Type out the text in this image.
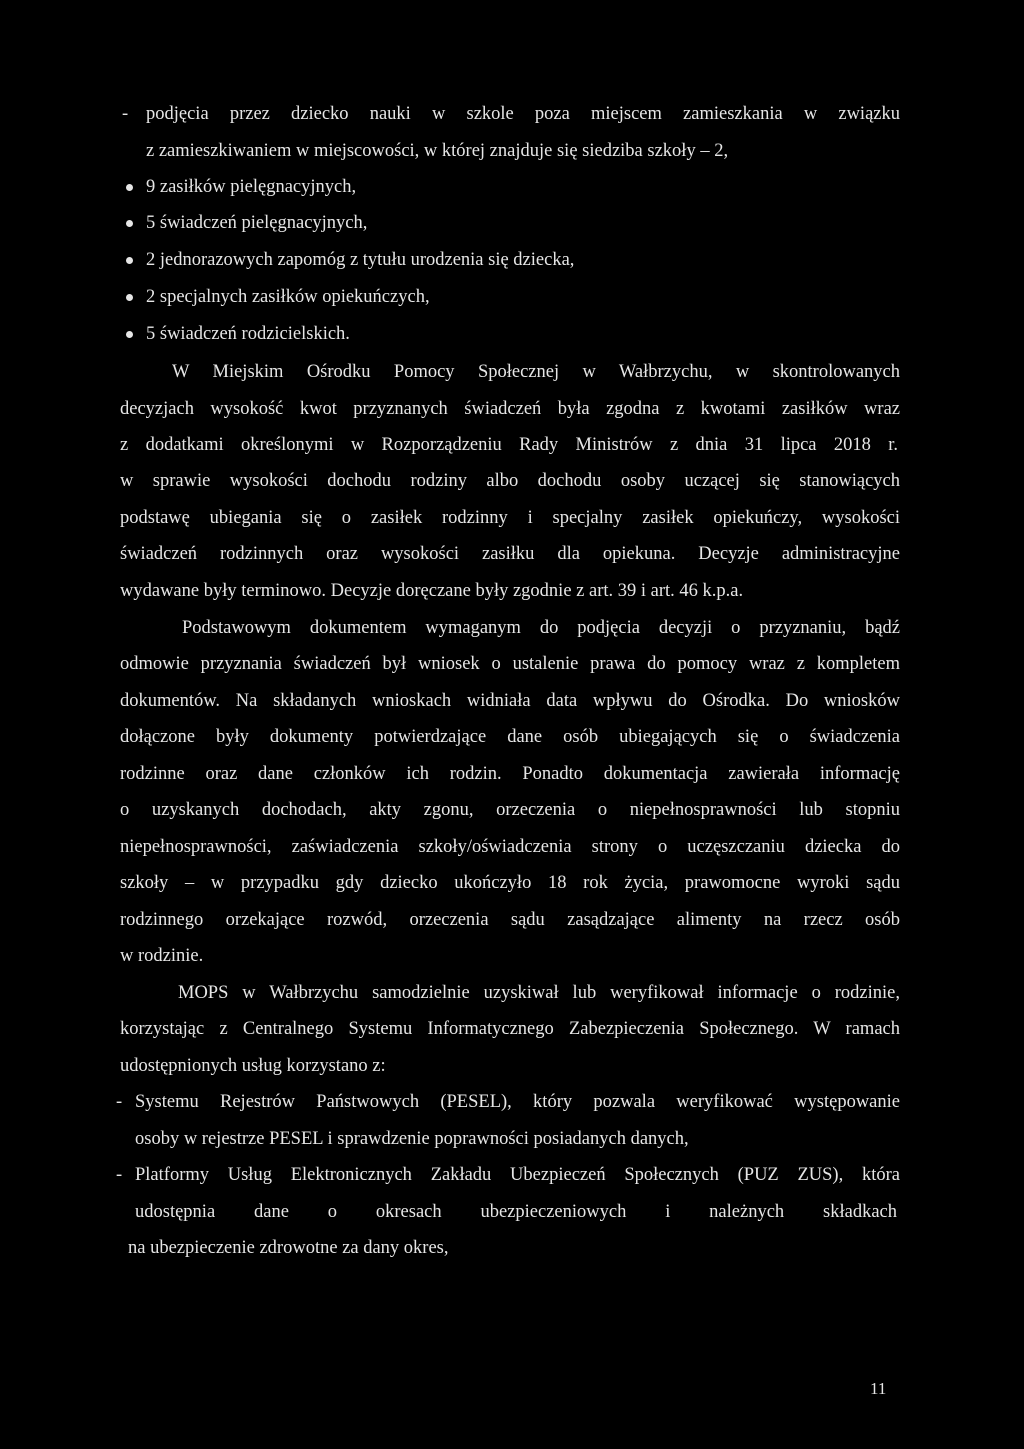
- podjęcia przez dziecko nauki w szkole poza miejscem zamieszkania w związku
z zamieszkiwaniem w miejscowości, w której znajduje się siedziba szkoły – 2,
9 zasiłków pielęgnacyjnych,
5 świadczeń pielęgnacyjnych,
2 jednorazowych zapomóg z tytułu urodzenia się dziecka,
2 specjalnych zasiłków opiekuńczych,
5 świadczeń rodzicielskich.
W Miejskim Ośrodku Pomocy Społecznej w Wałbrzychu, w skontrolowanych
decyzjach wysokość kwot przyznanych świadczeń była zgodna z kwotami zasiłków wraz
z dodatkami określonymi w Rozporządzeniu Rady Ministrów z dnia 31 lipca 2018 r.
w sprawie wysokości dochodu rodziny albo dochodu osoby uczącej się stanowiących
podstawę ubiegania się o zasiłek rodzinny i specjalny zasiłek opiekuńczy, wysokości
świadczeń rodzinnych oraz wysokości zasiłku dla opiekuna. Decyzje administracyjne
wydawane były terminowo. Decyzje doręczane były zgodnie z art. 39 i art. 46 k.p.a.
Podstawowym dokumentem wymaganym do podjęcia decyzji o przyznaniu, bądź
odmowie przyznania świadczeń był wniosek o ustalenie prawa do pomocy wraz z kompletem
dokumentów. Na składanych wnioskach widniała data wpływu do Ośrodka. Do wniosków
dołączone były dokumenty potwierdzające dane osób ubiegających się o świadczenia
rodzinne oraz dane członków ich rodzin. Ponadto dokumentacja zawierała informację
o uzyskanych dochodach, akty zgonu, orzeczenia o niepełnosprawności lub stopniu
niepełnosprawności, zaświadczenia szkoły/oświadczenia strony o uczęszczaniu dziecka do
szkoły – w przypadku gdy dziecko ukończyło 18 rok życia, prawomocne wyroki sądu
rodzinnego orzekające rozwód, orzeczenia sądu zasądzające alimenty na rzecz osób
w rodzinie.
MOPS w Wałbrzychu samodzielnie uzyskiwał lub weryfikował informacje o rodzinie,
korzystając z Centralnego Systemu Informatycznego Zabezpieczenia Społecznego. W ramach
udostępnionych usług korzystano z:
- Systemu Rejestrów Państwowych (PESEL), który pozwala weryfikować występowanie
osoby w rejestrze PESEL i sprawdzenie poprawności posiadanych danych,
- Platformy Usług Elektronicznych Zakładu Ubezpieczeń Społecznych (PUZ ZUS), która
udostępnia dane o okresach ubezpieczeniowych i należnych składkach
na ubezpieczenie zdrowotne za dany okres,
11
